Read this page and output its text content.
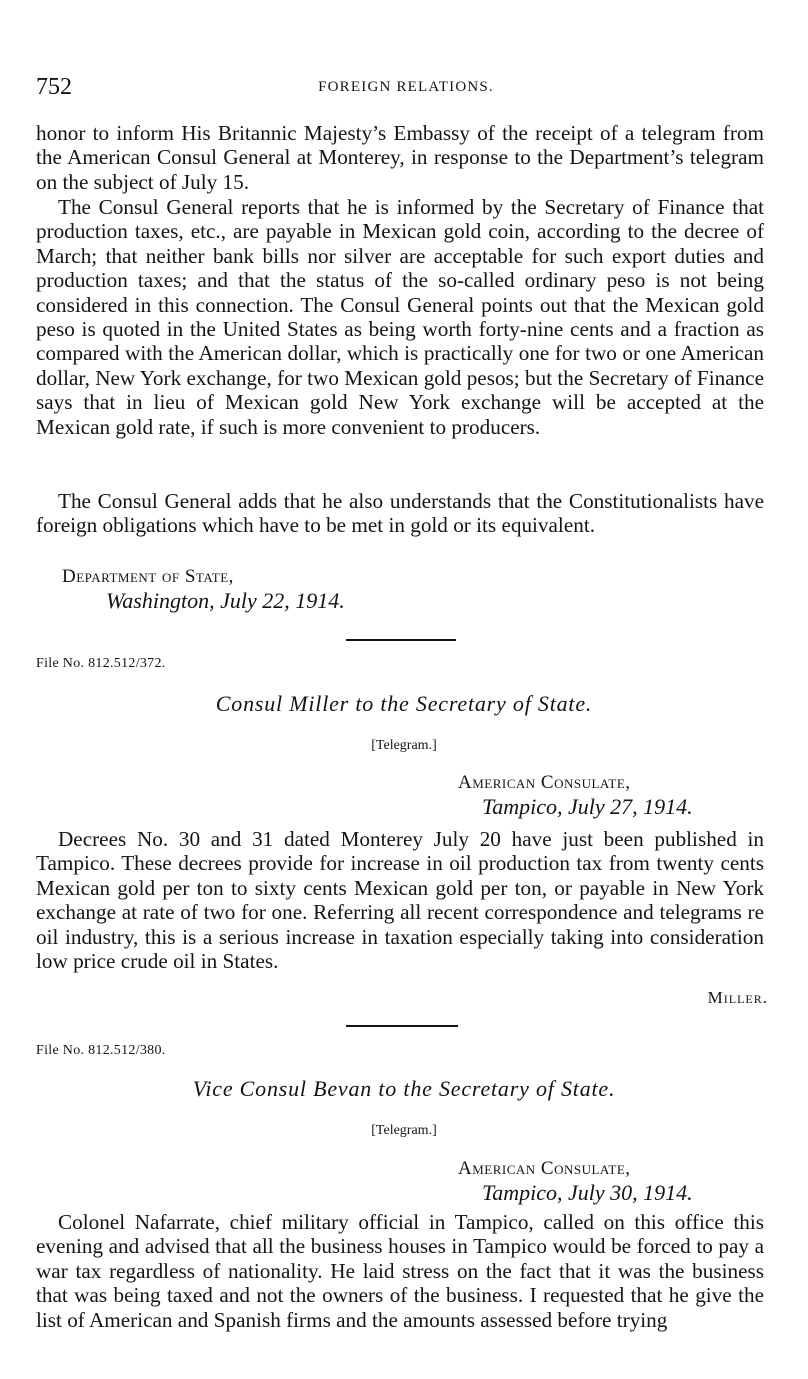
752	FOREIGN RELATIONS.

honor to inform His Britannic Majesty’s Embassy of the receipt of a telegram from the American Consul General at Monterey, in response to the Department’s telegram on the subject of July 15.

The Consul General reports that he is informed by the Secretary of Finance that production taxes, etc., are payable in Mexican gold coin, according to the decree of March; that neither bank bills nor silver are acceptable for such export duties and production taxes; and that the status of the so-called ordinary peso is not being considered in this connection. The Consul General points out that the Mexican gold peso is quoted in the United States as being worth forty-nine cents and a fraction as compared with the American dollar, which is practically one for two or one American dollar, New York exchange, for two Mexican gold pesos; but the Secretary of Finance says that in lieu of Mexican gold New York exchange will be accepted at the Mexican gold rate, if such is more convenient to producers.

The Consul General adds that he also understands that the Constitutionalists have foreign obligations which have to be met in gold or its equivalent.

Department of State,
Washington, July 22, 1914.
File No. 812.512/372.
Consul Miller to the Secretary of State.
[Telegram.]
American Consulate,
Tampico, July 27, 1914.

Decrees No. 30 and 31 dated Monterey July 20 have just been published in Tampico. These decrees provide for increase in oil production tax from twenty cents Mexican gold per ton to sixty cents Mexican gold per ton, or payable in New York exchange at rate of two for one. Referring all recent correspondence and telegrams re oil industry, this is a serious increase in taxation especially taking into consideration low price crude oil in States.

Miller.
File No. 812.512/380.
Vice Consul Bevan to the Secretary of State.
[Telegram.]
American Consulate,
Tampico, July 30, 1914.

Colonel Nafarrate, chief military official in Tampico, called on this office this evening and advised that all the business houses in Tampico would be forced to pay a war tax regardless of nationality. He laid stress on the fact that it was the business that was being taxed and not the owners of the business. I requested that he give the list of American and Spanish firms and the amounts assessed before trying
